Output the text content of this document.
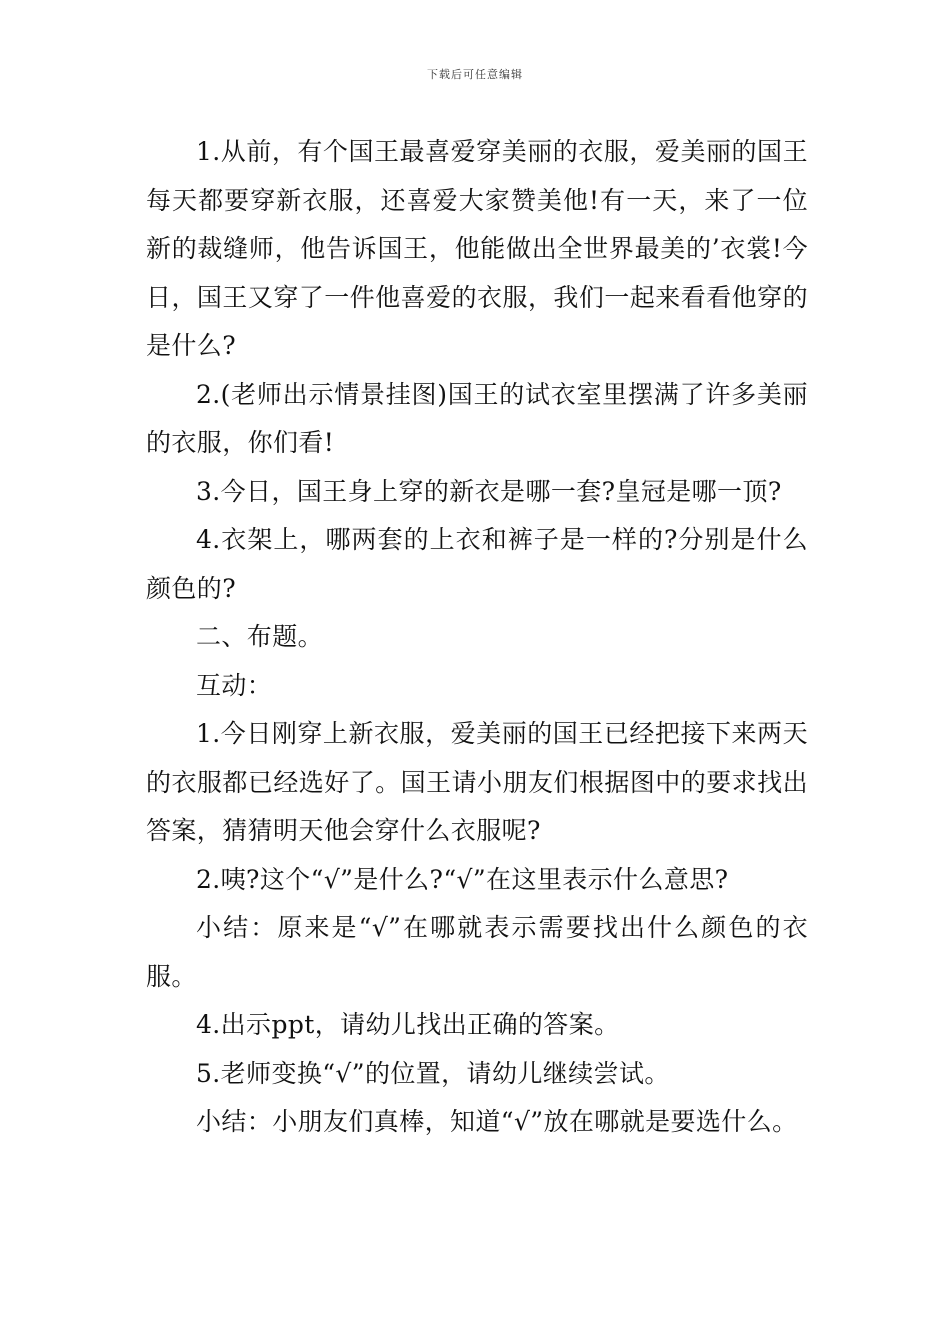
下载后可任意编辑

1.从前，有个国王最喜爱穿美丽的衣服，爱美丽的国王每天都要穿新衣服，还喜爱大家赞美他!有一天，来了一位新的裁缝师，他告诉国王，他能做出全世界最美的’衣裳!今日，国王又穿了一件他喜爱的衣服，我们一起来看看他穿的是什么?

2.(老师出示情景挂图)国王的试衣室里摆满了许多美丽的衣服，你们看!

3.今日，国王身上穿的新衣是哪一套?皇冠是哪一顶?

4.衣架上，哪两套的上衣和裤子是一样的?分别是什么颜色的?

二、布题。

互动：

1.今日刚穿上新衣服，爱美丽的国王已经把接下来两天的衣服都已经选好了。国王请小朋友们根据图中的要求找出答案，猜猜明天他会穿什么衣服呢?

2.咦?这个“√”是什么?“√”在这里表示什么意思?

小结：原来是“√”在哪就表示需要找出什么颜色的衣服。

4.出示ppt，请幼儿找出正确的答案。

5.老师变换“√”的位置，请幼儿继续尝试。

小结：小朋友们真棒，知道“√”放在哪就是要选什么。
